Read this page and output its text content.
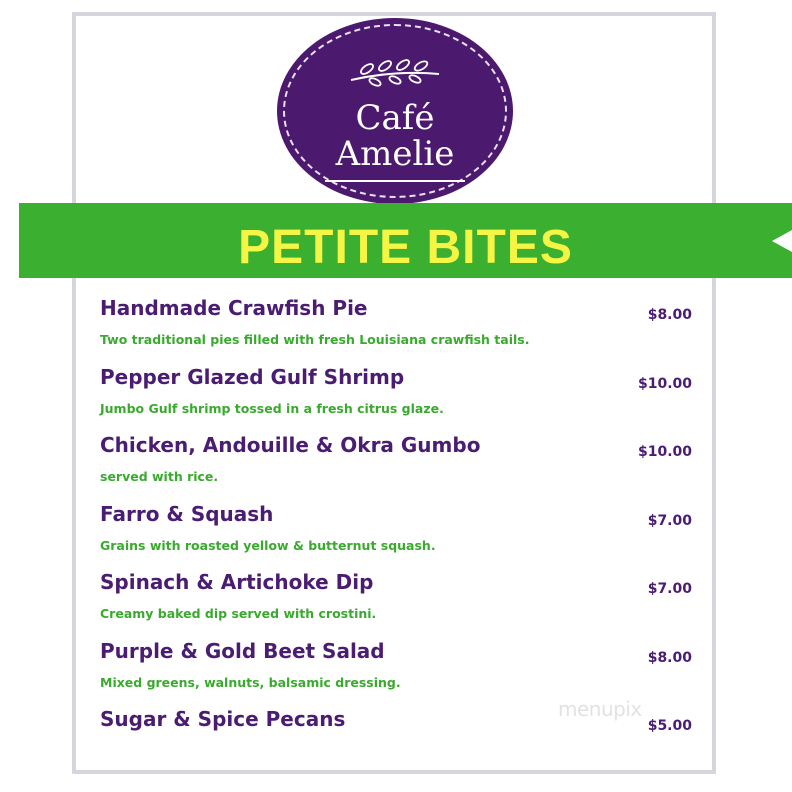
Café
Amelie
PETITE BITES
Handmade Crawfish Pie	$8.00
Two traditional pies filled with fresh Louisiana crawfish tails.
Pepper Glazed Gulf Shrimp	$10.00
Jumbo Gulf shrimp tossed in a fresh citrus glaze.
Chicken, Andouille & Okra Gumbo	$10.00
served with rice.
Farro & Squash	$7.00
Grains with roasted yellow & butternut squash.
Spinach & Artichoke Dip	$7.00
Creamy baked dip served with crostini.
Purple & Gold Beet Salad	$8.00
Mixed greens, walnuts, balsamic dressing.
Sugar & Spice Pecans	$5.00
menupix
